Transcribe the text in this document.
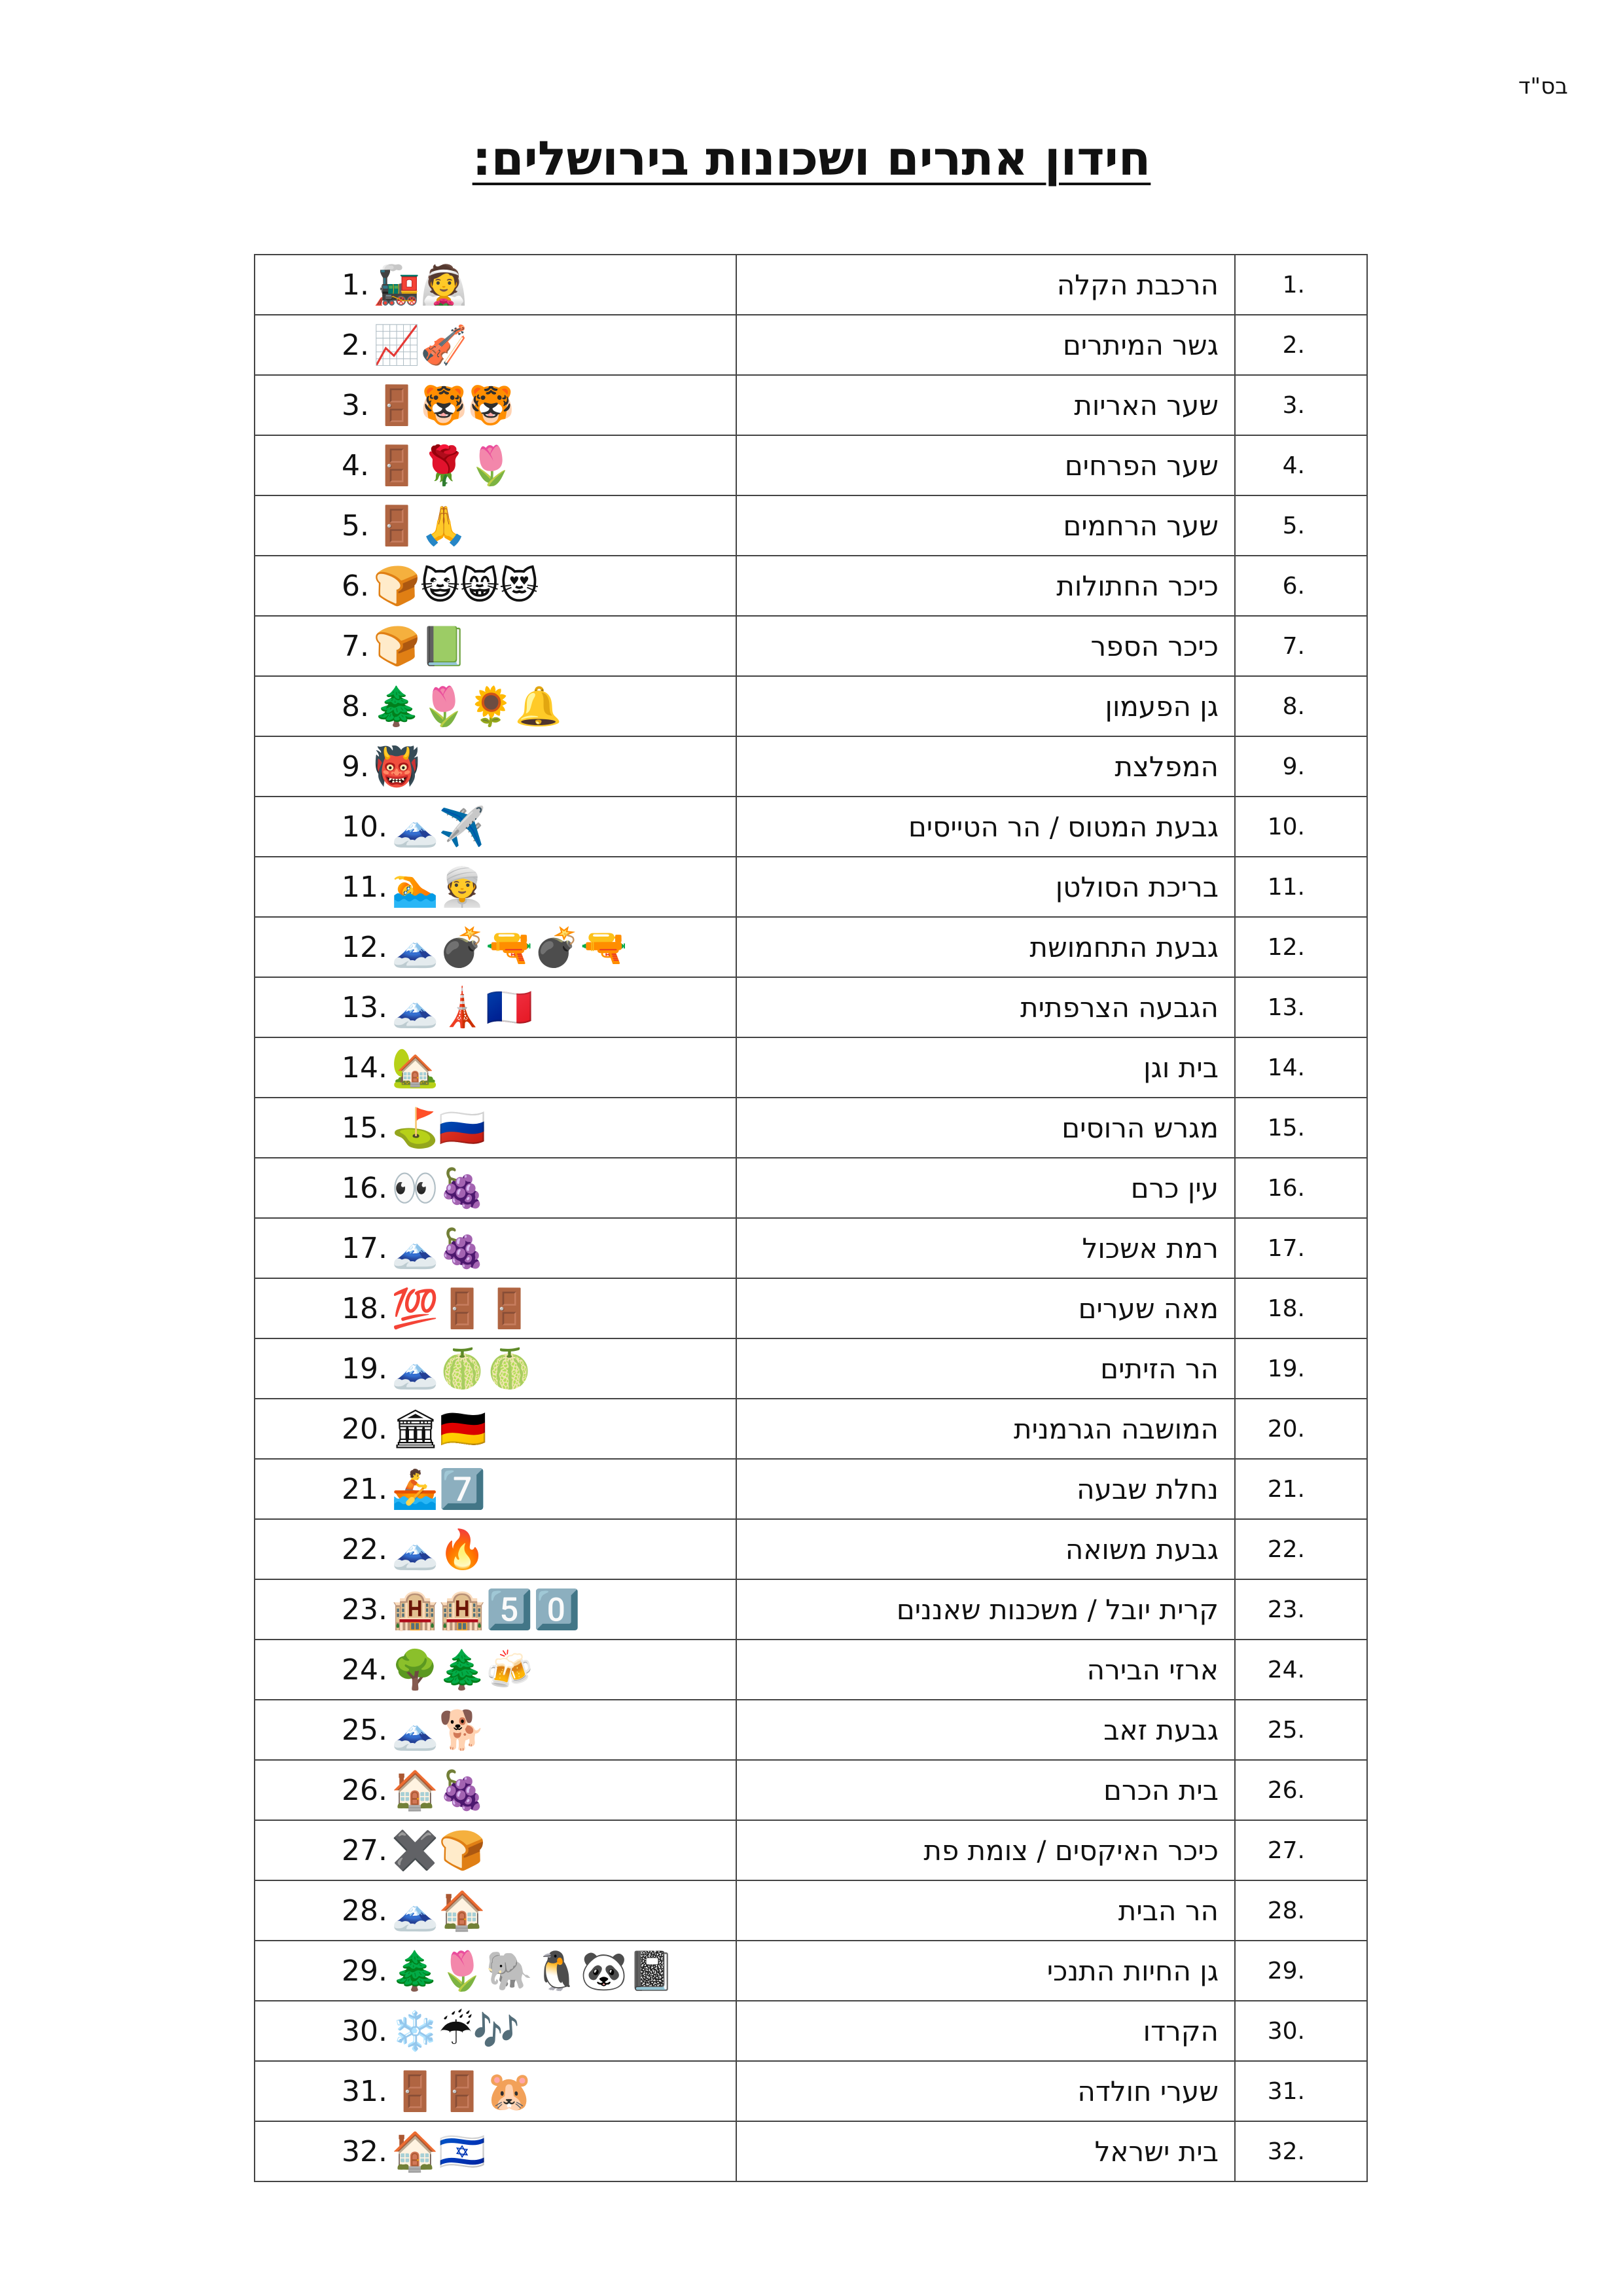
בס"ד
חידון אתרים ושכונות בירושלים:
1. 🚂👰	הרכבת הקלה	.1

2. 📈🎻	גשר המיתרים	.2

3. 🚪🐯🐯	שער האריות	.3

4. 🚪🌹🌷	שער הפרחים	.4

5. 🚪🙏	שער הרחמים	.5

6. 🍞😺😸😻	כיכר החתולות	.6

7. 🍞📗	כיכר הספר	.7

8. 🌲🌷🌻🔔	גן הפעמון	.8

9. 👹	המפלצת	.9

10. 🗻✈️	גבעת המטוס / הר הטייסים	.10

11. 🏊👳	בריכת הסולטן	.11

12. 🗻💣🔫💣🔫	גבעת התחמושת	.12

13. 🗻🗼🇫🇷	הגבעה הצרפתית	.13

14. 🏡	בית וגן	.14

15. ⛳🇷🇺	מגרש הרוסים	.15

16. 👀🍇	עין כרם	.16

17. 🗻🍇	רמת אשכול	.17

18. 💯🚪🚪	מאה שערים	.18

19. 🗻🍈🍈	הר הזיתים	.19

20. 🏛🇩🇪	המושבה הגרמנית	.20

21. 🚣7️⃣	נחלת שבעה	.21

22. 🗻🔥	גבעת משואה	.22

23. 🏨🏨5️⃣0️⃣	קרית יובל / משכנות שאננים	.23

24. 🌳🌲🍻	ארזי הבירה	.24

25. 🗻🐕	גבעת זאב	.25

26. 🏠🍇	בית הכרם	.26

27. ✖️🍞	כיכר האיקסים / צומת פת	.27

28. 🗻🏠	הר הבית	.28

29. 🌲🌷🐘🐧🐼📓	גן החיות התנכי	.29

30. ❄️☔🎶	הקרדו	.30

31. 🚪🚪🐹	שערי חולדה	.31

32. 🏠🇮🇱	בית ישראל	.32
